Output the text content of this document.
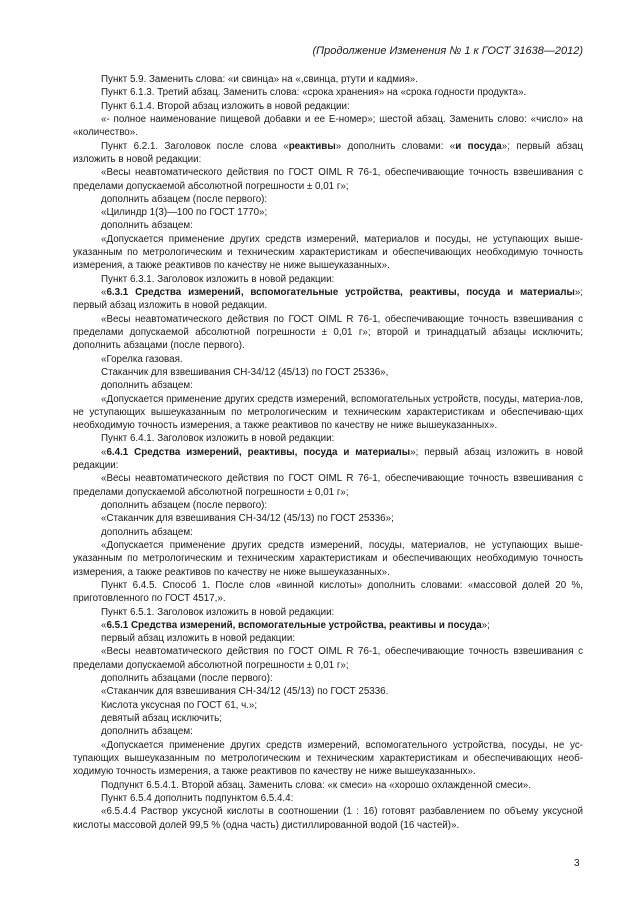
(Продолжение Изменения № 1 к ГОСТ 31638—2012)

Пункт 5.9. Заменить слова: «и свинца» на «,свинца, ртути и кадмия».

Пункт 6.1.3. Третий абзац. Заменить слова: «срока хранения» на «срока годности продукта».

Пункт 6.1.4. Второй абзац изложить в новой редакции:

«- полное наименование пищевой добавки и ее Е-номер»; шестой абзац. Заменить слово: «число» на «количество».

Пункт 6.2.1. Заголовок после слова «реактивы» дополнить словами: «и посуда»; первый абзац изложить в новой редакции:

«Весы неавтоматического действия по ГОСТ OIML R 76-1, обеспечивающие точность взвешивания с пределами допускаемой абсолютной погрешности ± 0,01 г»;

дополнить абзацем (после первого):

«Цилиндр 1(3)—100 по ГОСТ 1770»;

дополнить абзацем:

«Допускается применение других средств измерений, материалов и посуды, не уступающих выше-указанным по метрологическим и техническим характеристикам и обеспечивающих необходимую точность измерения, а также реактивов по качеству не ниже вышеуказанных».

Пункт 6.3.1. Заголовок изложить в новой редакции:

«6.3.1 Средства измерений, вспомогательные устройства, реактивы, посуда и материалы»; первый абзац изложить в новой редакции.

«Весы неавтоматического действия по ГОСТ OIML R 76-1, обеспечивающие точность взвешивания с пределами допускаемой абсолютной погрешности ± 0,01 г»; второй и тринадцатый абзацы исключить; дополнить абзацами (после первого).

«Горелка газовая.

Стаканчик для взвешивания СН-34/12 (45/13) по ГОСТ 25336»,

дополнить абзацем:

«Допускается применение других средств измерений, вспомогательных устройств, посуды, материа-лов, не уступающих вышеуказанным по метрологическим и техническим характеристикам и обеспечиваю-щих необходимую точность измерения, а также реактивов по качеству не ниже вышеуказанных».

Пункт 6.4.1. Заголовок изложить в новой редакции:

«6.4.1 Средства измерений, реактивы, посуда и материалы»; первый абзац изложить в новой редакции:

«Весы неавтоматического действия по ГОСТ OIML R 76-1, обеспечивающие точность взвешивания с пределами допускаемой абсолютной погрешности ± 0,01 г»;

дополнить абзацем (после первого):

«Стаканчик для взвешивания СН-34/12 (45/13) по ГОСТ 25336»;

дополнить абзацем:

«Допускается применение других средств измерений, посуды, материалов, не уступающих выше-указанным по метрологическим и техническим характеристикам и обеспечивающих необходимую точность измерения, а также реактивов по качеству не ниже вышеуказанных».

Пункт 6.4.5. Способ 1. После слов «винной кислоты» дополнить словами: «массовой долей 20 %, приготовленного по ГОСТ 4517,».

Пункт 6.5.1. Заголовок изложить в новой редакции:

«6.5.1 Средства измерений, вспомогательные устройства, реактивы и посуда»;

первый абзац изложить в новой редакции:

«Весы неавтоматического действия по ГОСТ OIML R 76-1, обеспечивающие точность взвешивания с пределами допускаемой абсолютной погрешности ± 0,01 г»;

дополнить абзацами (после первого):

«Стаканчик для взвешивания СН-34/12 (45/13) по ГОСТ 25336.

Кислота уксусная по ГОСТ 61, ч.»;

девятый абзац исключить;

дополнить абзацем:

«Допускается применение других средств измерений, вспомогательного устройства, посуды, не ус-тупающих вышеуказанным по метрологическим и техническим характеристикам и обеспечивающих необ-ходимую точность измерения, а также реактивов по качеству не ниже вышеуказанных».

Подпункт 6.5.4.1. Второй абзац. Заменить слова: «к смеси» на «хорошо охлажденной смеси».

Пункт 6.5.4 дополнить подпунктом 6.5.4.4:

«6.5.4.4 Раствор уксусной кислоты в соотношении (1 : 16) готовят разбавлением по объему уксусной кислоты массовой долей 99,5 % (одна часть) дистиллированной водой (16 частей)».

3
